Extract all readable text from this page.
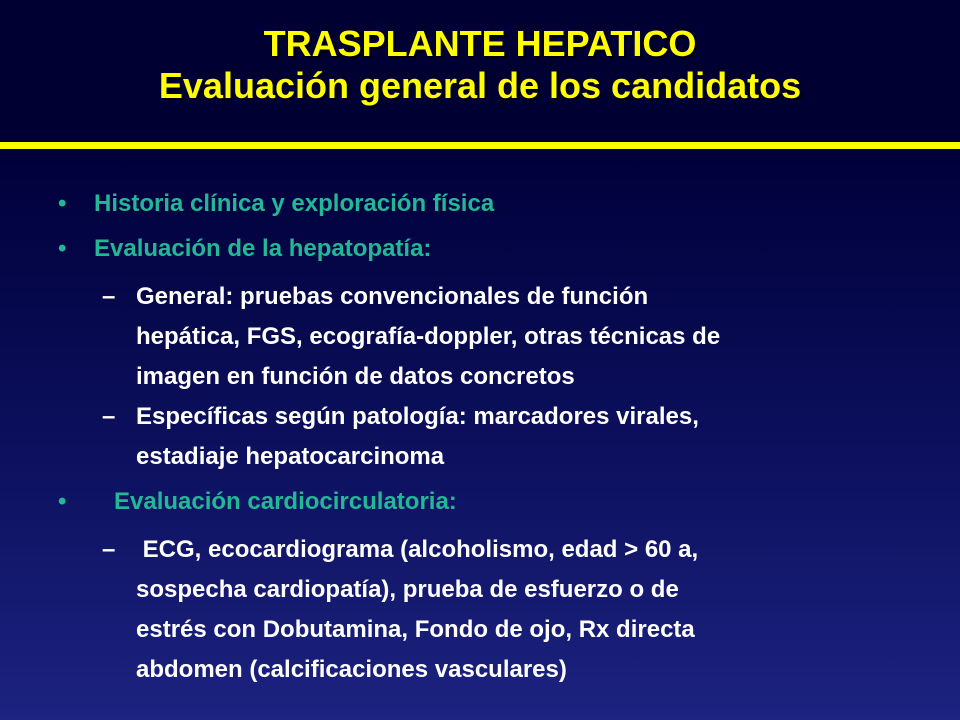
TRASPLANTE HEPATICO
Evaluación general de los candidatos
• Historia clínica y exploración física
• Evaluación de la hepatopatía:
– General: pruebas convencionales de función
hepática, FGS, ecografía-doppler, otras técnicas de
imagen en función de datos concretos
– Específicas según patología: marcadores virales,
estadiaje hepatocarcinoma
• Evaluación cardiocirculatoria:
– ECG, ecocardiograma (alcoholismo, edad > 60 a,
sospecha cardiopatía), prueba de esfuerzo o de
estrés con Dobutamina, Fondo de ojo, Rx directa
abdomen (calcificaciones vasculares)
